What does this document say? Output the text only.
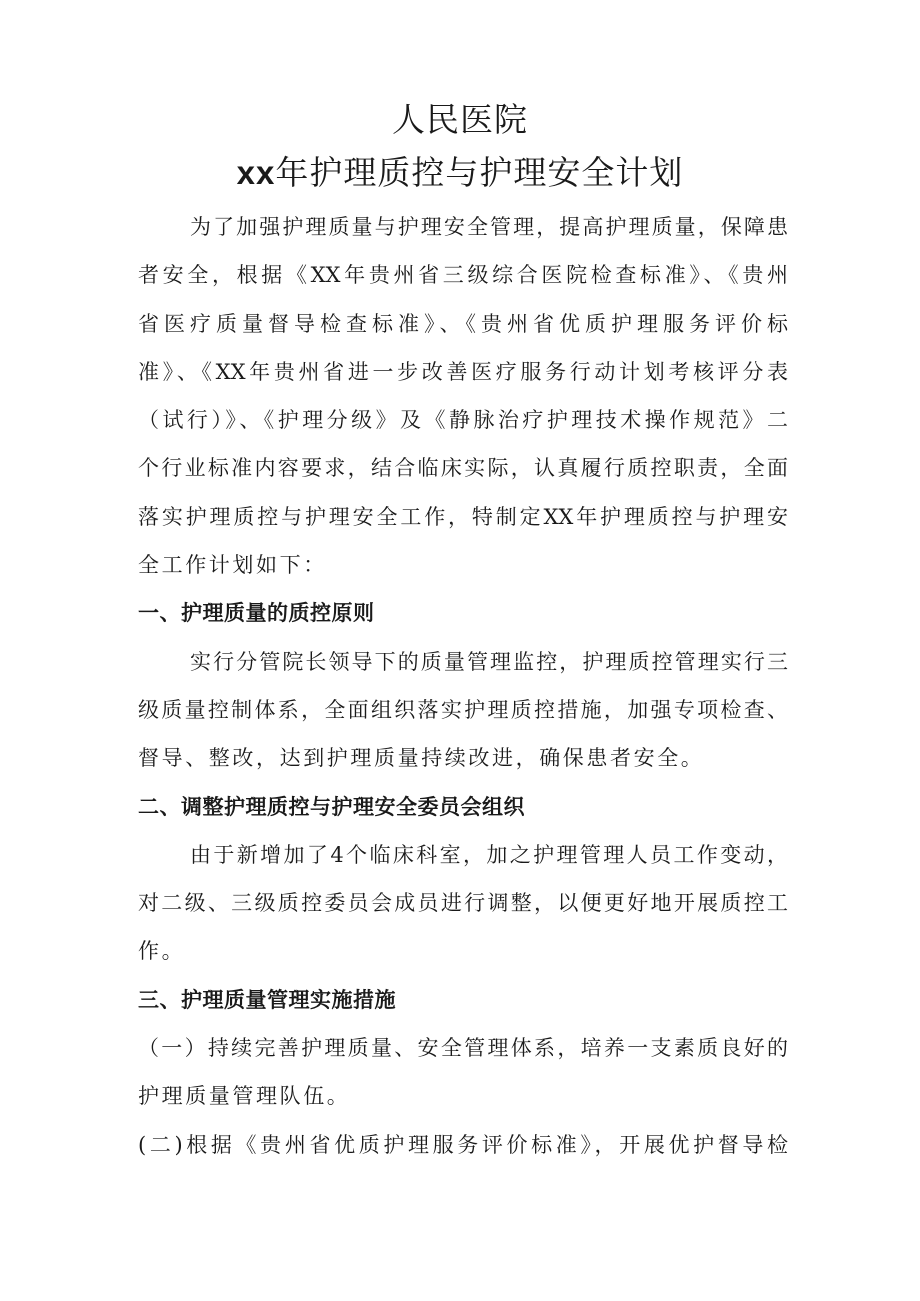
人民医院
xx年护理质控与护理安全计划
为了加强护理质量与护理安全管理，提高护理质量，保障患
者安全，根据《XX年贵州省三级综合医院检查标准》、《贵州
省医疗质量督导检查标准》、《贵州省优质护理服务评价标
准》、《XX年贵州省进一步改善医疗服务行动计划考核评分表
（试行）》、《护理分级》及《静脉治疗护理技术操作规范》二
个行业标准内容要求，结合临床实际，认真履行质控职责，全面
落实护理质控与护理安全工作，特制定XX年护理质控与护理安
全工作计划如下：
一、护理质量的质控原则
实行分管院长领导下的质量管理监控，护理质控管理实行三
级质量控制体系，全面组织落实护理质控措施，加强专项检查、
督导、整改，达到护理质量持续改进，确保患者安全。
二、调整护理质控与护理安全委员会组织
由于新增加了4个临床科室，加之护理管理人员工作变动，
对二级、三级质控委员会成员进行调整，以便更好地开展质控工
作。
三、护理质量管理实施措施
（一）持续完善护理质量、安全管理体系，培养一支素质良好的
护理质量管理队伍。
(二)根据《贵州省优质护理服务评价标准》，开展优护督导检
